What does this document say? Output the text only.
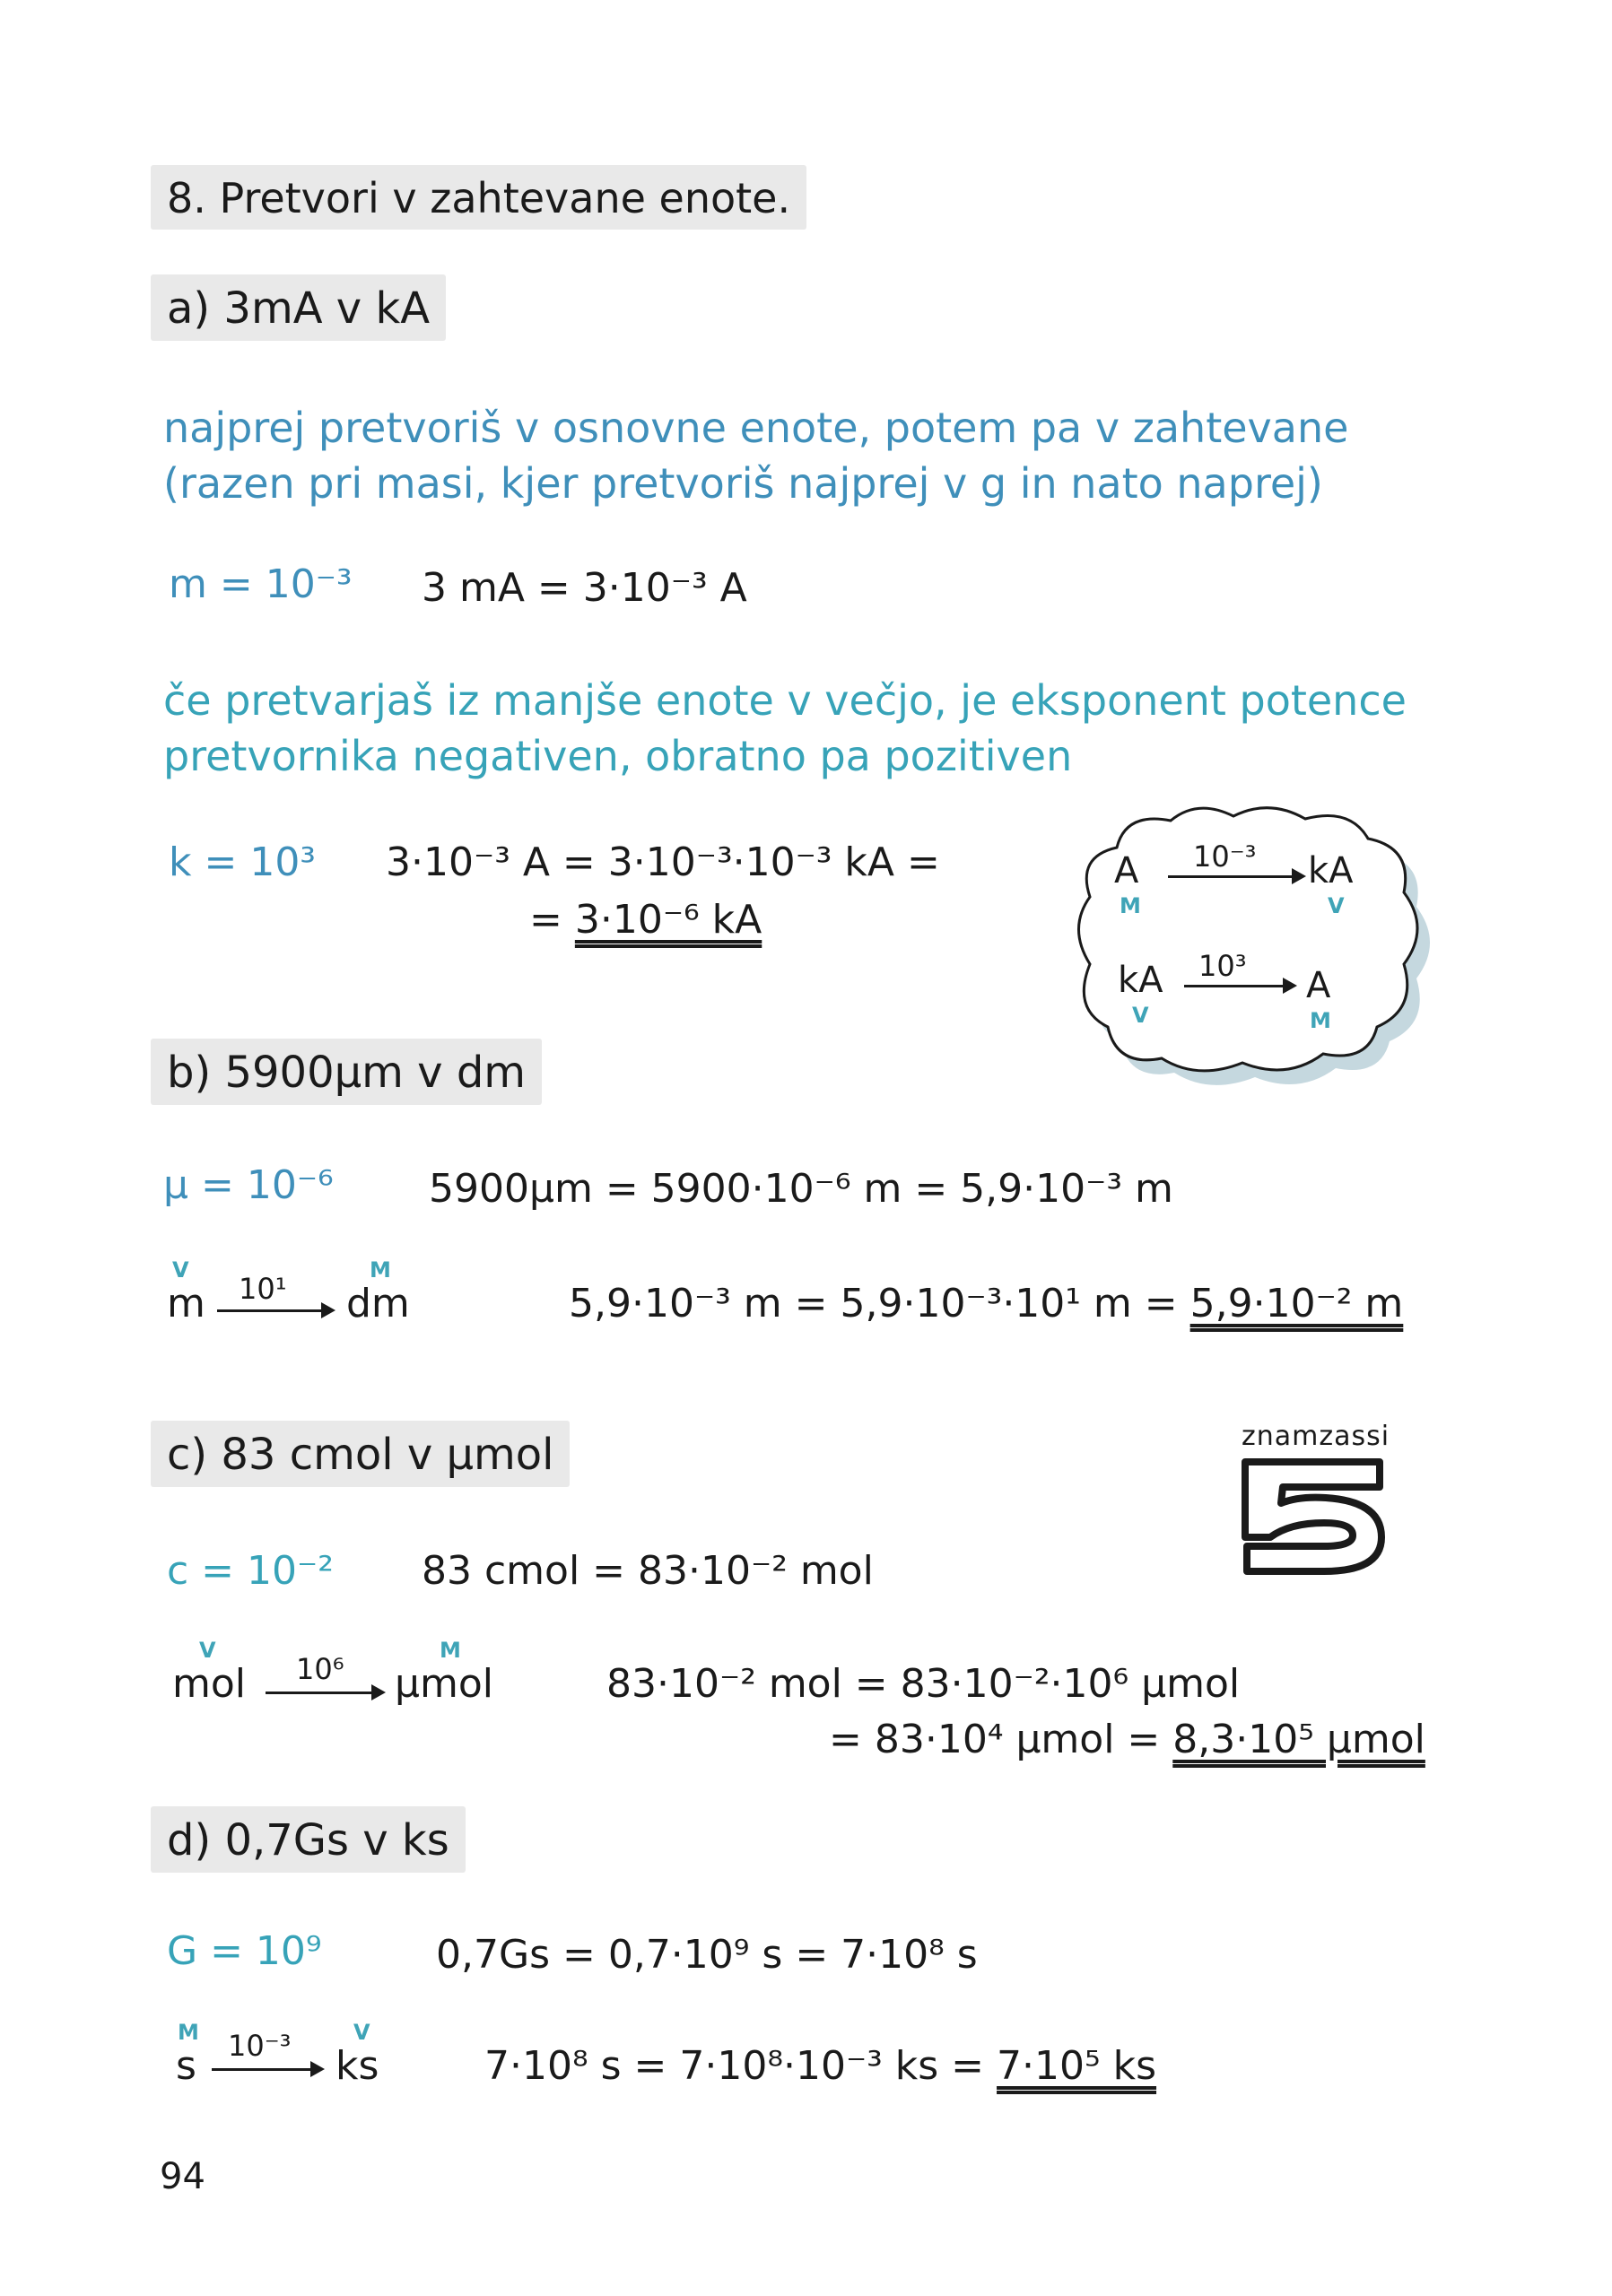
8. Pretvori v zahtevane enote.
a) 3mA v kA
najprej pretvoriš v osnovne enote, potem pa v zahtevane
(razen pri masi, kjer pretvoriš najprej v g in nato naprej)
m = 10⁻³ 3 mA = 3·10⁻³ A
če pretvarjaš iz manjše enote v večjo, je eksponent potence
pretvornika negativen, obratno pa pozitiven
k = 10³ 3·10⁻³ A = 3·10⁻³·10⁻³ kA =
= 3·10⁻⁶ kA
A
M
10⁻³ kA
V
kA
V
10³ A
M
b) 5900μm v dm
μ = 10⁻⁶ 5900μm = 5900·10⁻⁶ m = 5,9·10⁻³ m
V
m 10¹
M
dm	5,9·10⁻³ m = 5,9·10⁻³·10¹ m = 5,9·10⁻² m
znamzassi
5
c) 83 cmol v μmol
c = 10⁻² 83 cmol = 83·10⁻² mol
V
mol 10⁶
M
μmol	83·10⁻² mol = 83·10⁻²·10⁶ μmol
= 83·10⁴ μmol = 8,3·10⁵ μmol
d) 0,7Gs v ks
G = 10⁹	0,7Gs = 0,7·10⁹ s = 7·10⁸ s
M
s 10⁻³	V
ks	7·10⁸ s = 7·10⁸·10⁻³ ks = 7·10⁵ ks
94
